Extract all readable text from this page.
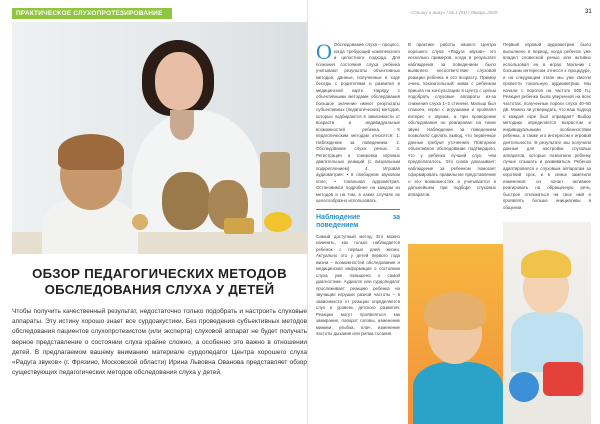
ПРАКТИЧЕСКОЕ СЛУХОПРОТЕЗИРОВАНИЕ	«Слышу и вижу» / № 1 (91) / Январь 2020	31
ОБЗОР ПЕДАГОГИЧЕСКИХ МЕТОДОВ
ОБСЛЕДОВАНИЯ СЛУХА У ДЕТЕЙ

Чтобы получить качественный результат, недостаточно только подобрать и настроить слуховые аппараты. Эту истину хорошо знает все сурдоакустики. Без проведения субъективных методов обследования пациентов слухопротезистом (или эксперта) слуховой аппарат не будет получать верное представление о состоянии слуха крайне сложно, а особенно это важно в отношении детей. В предлагаемом вашему вниманию материале сурдопедагог Центра хорошего слуха «Радуга звуков» (г. Фрязино, Московской области) Ирина Львовна Ованова представляет обзор существующих педагогических методов обследования слуха у детей.

О Обследование слуха – процесс, когда требующий комплексного и целостного подхода. Для познания состояния слуха ребенка учитывают результаты объективных методов, данные, полученные в ходе беседы с родителями и развития в медицинской карте. Наряду с объективными методами обследования большое значение имеют результаты субъективных (педагогических) методов, которые подбираются в зависимости от возраста и индивидуальных возможностей ребенка. К педагогическим методам относятся: 1. Наблюдение за поведением. 2. Обследование слуха речью. 3. Регистрация и тонировка игровых двигательных реакций (с визуальным подкреплением). 4. Игровая аудиометрия: • в свободном звуковом поле; • тональная аудиометрия. Остановимся подробнее на каждом из методов и на том, в каких случаях их целесообразно использовать.
Наблюдение за поведением
Самый доступный метод. Его можно начинать, как только наблюдается ребенок с первых дней жизни. Актуально это у детей первого года жизни – возможностей обследования и медицинская информация о состоянии слуха уже повышена о самой диагностике. Аудиолог или сурдопедагог прослеживает реакцию ребенка на звучащие игрушки разной частоты – в зависимости от реакции определяется слух и уровень детского развития. Реакции могут проявляться как замирание, поворот головы, изменение мимики, улыбка, плач, изменение частоты дыхания или ритма сосания.
В практике работы нашего Центра хорошего слуха «Радуга звуков» это несколько примеров, когда в результате наблюдения за поведением было выявлено несоответствие слуховой реакции ребенка и его возрасту. Пример очень показательный: мама с ребенком пришла на консультацию в Центр с целью подобрать слуховые аппараты из-за снижения слуха 1–2 степени. Малыш был спокоен, играл с игрушками и проявлял интерес к звукам, а при проведении обследования он реагировал на тихие звуки. Наблюдение за поведением позволило сделать вывод, что первичные данные требуют уточнения. Повторное объективное обследование подтвердило, что у ребенка лучший слух, чем предполагалось. Это снова доказывает: наблюдение за ребенком помогает сформировать правильное представление о его возможностях и учитывается в дальнейшем при подборе слуховых аппаратов.
Первый игровой аудиометрии было выполнено в период, когда ребенок уже владел словесной речью или активно использовал ее в играх. Мальчик с большим интересом отнесся к процедуре, и на следующем этапе мы уже смогли провести тональную аудиометрию. Мы начали с порогов на частоте 500 Гц. Реакция ребенка была уверенной на всех частотах, полученные пороги слуха 40–50 дБ. Можно ли утверждать, что наш подход к каждой игре был оправдан? Выбор методики определяется возрастом и индивидуальными особенностями ребенка, а также его интересом к игровой деятельности. В результате мы получили данные для настройки слуховых аппаратов, которые позволили ребенку лучше слышать и развиваться. Ребенок адаптировался к слуховым аппаратам за короткий срок, и в семье заметили изменения: он начал активнее реагировать на обращенную речь, быстрее откликаться на свое имя и проявлять больше инициативы в общении.
